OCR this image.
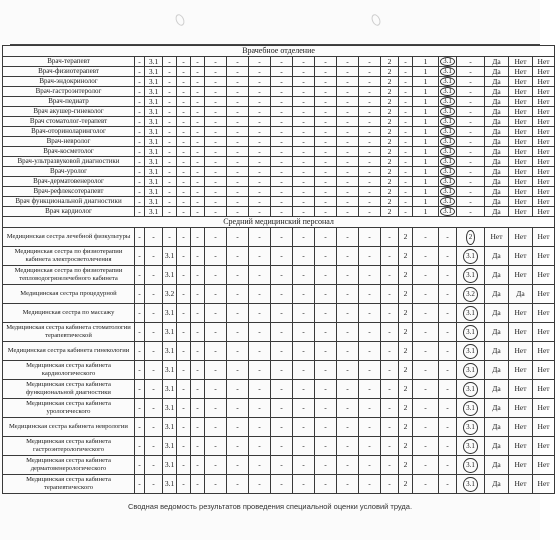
Врачебное отделение																					
Врач-терапевт	-	3.1	-	-	-	-	-	-	-	-	-	-	-	2	-	1	3.1	-	Да	Нет	Нет
Врач-физиотерапевт	-	3.1	-	-	-	-	-	-	-	-	-	-	-	2	-	1	3.1	-	Да	Нет	Нет
Врач-эндокринолог	-	3.1	-	-	-	-	-	-	-	-	-	-	-	2	-	1	3.1	-	Да	Нет	Нет
Врач-гастроэнтеролог	-	3.1	-	-	-	-	-	-	-	-	-	-	-	2	-	1	3.1	-	Да	Нет	Нет
Врач-педиатр	-	3.1	-	-	-	-	-	-	-	-	-	-	-	2	-	1	3.1	-	Да	Нет	Нет
Врач акушер-гинеколог	-	3.1	-	-	-	-	-	-	-	-	-	-	-	2	-	1	3.1	-	Да	Нет	Нет
Врач стоматолог-терапевт	-	3.1	-	-	-	-	-	-	-	-	-	-	-	2	-	1	3.1	-	Да	Нет	Нет
Врач-оториноларинголог	-	3.1	-	-	-	-	-	-	-	-	-	-	-	2	-	1	3.1	-	Да	Нет	Нет
Врач-невролог	-	3.1	-	-	-	-	-	-	-	-	-	-	-	2	-	1	3.1	-	Да	Нет	Нет
Врач-косметолог	-	3.1	-	-	-	-	-	-	-	-	-	-	-	2	-	1	3.1	-	Да	Нет	Нет
Врач-ультразвуковой диагностики	-	3.1	-	-	-	-	-	-	-	-	-	-	-	2	-	1	3.1	-	Да	Нет	Нет
Врач-уролог	-	3.1	-	-	-	-	-	-	-	-	-	-	-	2	-	1	3.1	-	Да	Нет	Нет
Врач-дерматовенеролог	-	3.1	-	-	-	-	-	-	-	-	-	-	-	2	-	1	3.1	-	Да	Нет	Нет
Врач-рефлексотерапевт	-	3.1	-	-	-	-	-	-	-	-	-	-	-	2	-	1	3.1	-	Да	Нет	Нет
Врач функциональной диагностики	-	3.1	-	-	-	-	-	-	-	-	-	-	-	2	-	1	3.1	-	Да	Нет	Нет
Врач кардиолог	-	3.1	-	-	-	-	-	-	-	-	-	-	-	2	-	1	3.1	-	Да	Нет	Нет
Средний медицинский персонал																					
Медицинская сестра лечебной физкультуры	-	-	-	-	-	-	-	-	-	-	-	-	-	-	2	-	-	2	Нет	Нет	Нет
Медицинская сестра по физиотерапии кабинета электросветолечения	-	-	3.1	-	-	-	-	-	-	-	-	-	-	-	2	-	-	3.1	Да	Нет	Нет
Медицинская сестра по физиотерапии тепловодогрязелечебного кабинета	-	-	3.1	-	-	-	-	-	-	-	-	-	-	-	2	-	-	3.1	Да	Нет	Нет
Медицинская сестра процедурной	-	-	3.2	-	-	-	-	-	-	-	-	-	-	-	2	-	-	3.2	Да	Да	Нет
Медицинская сестра по массажу	-	-	3.1	-	-	-	-	-	-	-	-	-	-	-	2	-	-	3.1	Да	Нет	Нет
Медицинская сестра кабинета стоматологии терапевтической	-	-	3.1	-	-	-	-	-	-	-	-	-	-	-	2	-	-	3.1	Да	Нет	Нет
Медицинская сестра кабинета гинекологии	-	-	3.1	-	-	-	-	-	-	-	-	-	-	-	2	-	-	3.1	Да	Нет	Нет
Медицинская сестра кабинета кардиологического	-	-	3.1	-	-	-	-	-	-	-	-	-	-	-	2	-	-	3.1	Да	Нет	Нет
Медицинская сестра кабинета функциональной диагностики	-	-	3.1	-	-	-	-	-	-	-	-	-	-	-	2	-	-	3.1	Да	Нет	Нет
Медицинская сестра кабинета урологического	-	-	3.1	-	-	-	-	-	-	-	-	-	-	-	2	-	-	3.1	Да	Нет	Нет
Медицинская сестра кабинета неврологии	-	-	3.1	-	-	-	-	-	-	-	-	-	-	-	2	-	-	3.1	Да	Нет	Нет
Медицинская сестра кабинета гастроэнтерологического	-	-	3.1	-	-	-	-	-	-	-	-	-	-	-	2	-	-	3.1	Да	Нет	Нет
Медицинская сестра кабинета дерматовенерологического	-	-	3.1	-	-	-	-	-	-	-	-	-	-	-	2	-	-	3.1	Да	Нет	Нет
Медицинская сестра кабинета терапевтического	-	-	3.1	-	-	-	-	-	-	-	-	-	-	-	2	-	-	3.1	Да	Нет	Нет
Сводная ведомость результатов проведения специальной оценки условий труда.
